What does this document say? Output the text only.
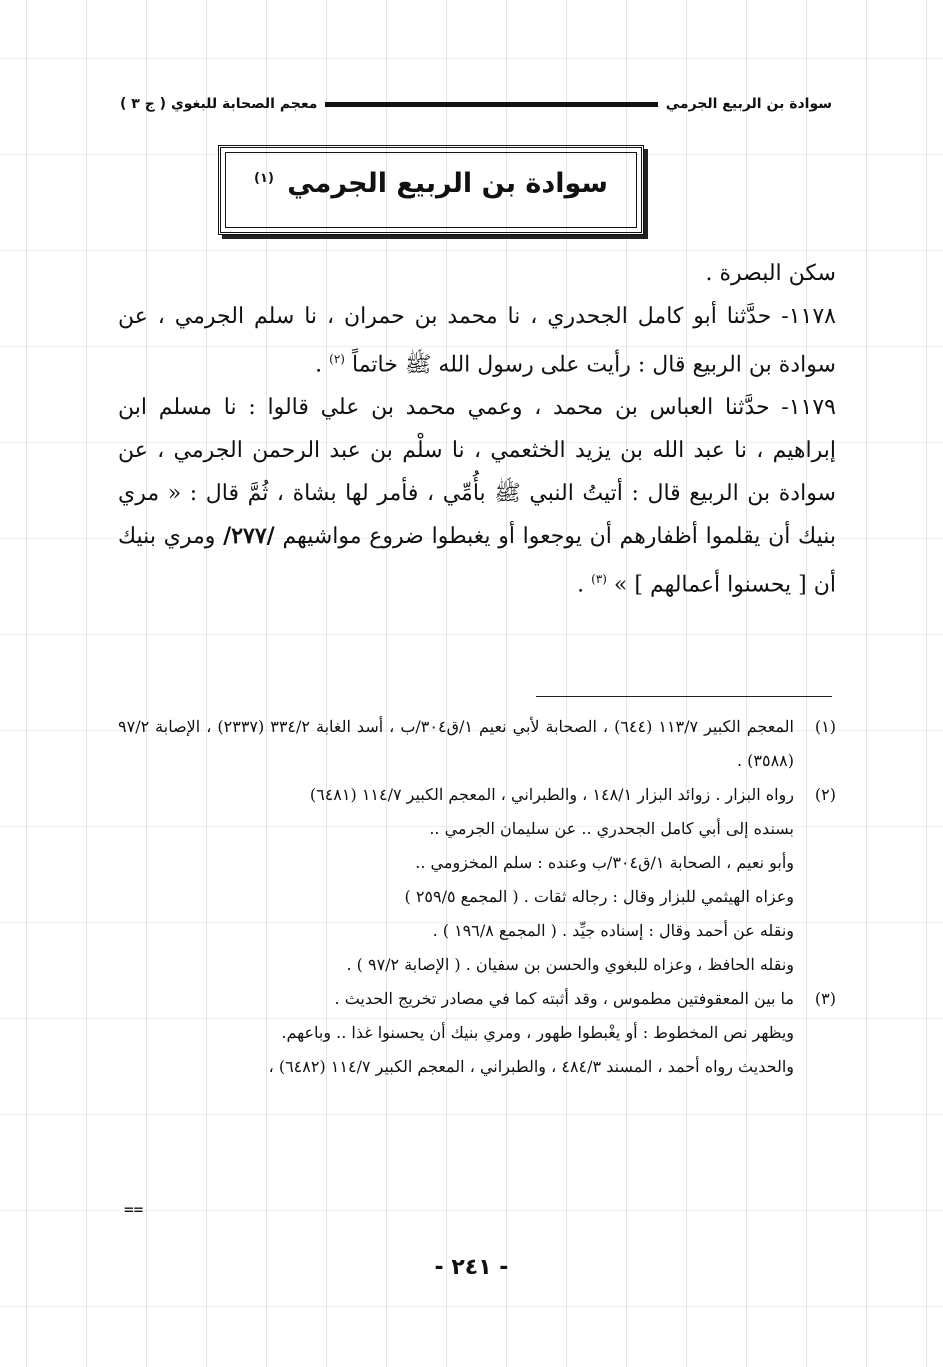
معجم الصحابة للبغوي ( ج ٣ )	سوادة بن الربيع الجرمي
سوادة بن الربيع الجرمي $^{(١)}$

سكن البصرة .

١١٧٨- حدَّثنا أبو كامل الجحدري ، نا محمد بن حمران ، نا سلم الجرمي ، عن سوادة بن الربيع قال : رأيت على رسول الله ﷺ خاتماً $^{(٢)}$ .

١١٧٩- حدَّثنا العباس بن محمد ، وعمي محمد بن علي قالوا : نا مسلم ابن إبراهيم ، نا عبد الله بن يزيد الخثعمي ، نا سلْم بن عبد الرحمن الجرمي ، عن سوادة بن الربيع قال : أتيتُ النبي ﷺ بأُمِّي ، فأمر لها بشاة ، ثُمَّ قال : « مري بنيك أن يقلموا أظفارهم أن يوجعوا أو يغبطوا ضروع مواشيهم /٢٧٧/ ومري بنيك أن [ يحسنوا أعمالهم ] » $^{(٣)}$ .

(١)
المعجم الكبير ١١٣/٧ (٦٤٤) ، الصحابة لأبي نعيم ١/ق٣٠٤/ب ، أسد الغابة ٣٣٤/٢ (٢٣٣٧) ، الإصابة ٩٧/٢ (٣٥٨٨) .
(٢)
رواه البزار . زوائد البزار ١٤٨/١ ، والطبراني ، المعجم الكبير ١١٤/٧ (٦٤٨١)
بسنده إلى أبي كامل الجحدري .. عن سليمان الجرمي ..
وأبو نعيم ، الصحابة ١/ق٣٠٤/ب وعنده : سلم المخزومي ..
وعزاه الهيثمي للبزار وقال : رجاله ثقات . ( المجمع ٢٥٩/٥ )
ونقله عن أحمد وقال : إسناده جيِّد . ( المجمع ١٩٦/٨ ) .
ونقله الحافظ ، وعزاه للبغوي والحسن بن سفيان . ( الإصابة ٩٧/٢ ) .
(٣)
ما بين المعقوفتين مطموس ، وقد أثبته كما في مصادر تخريج الحديث .
ويظهر نص المخطوط : أو يغْبطوا طهور ، ومري بنيك أن يحسنوا غذا .. وباعهم.
والحديث رواه أحمد ، المسند ٤٨٤/٣ ، والطبراني ، المعجم الكبير ١١٤/٧ (٦٤٨٢) ،
==
- ٢٤١ -
